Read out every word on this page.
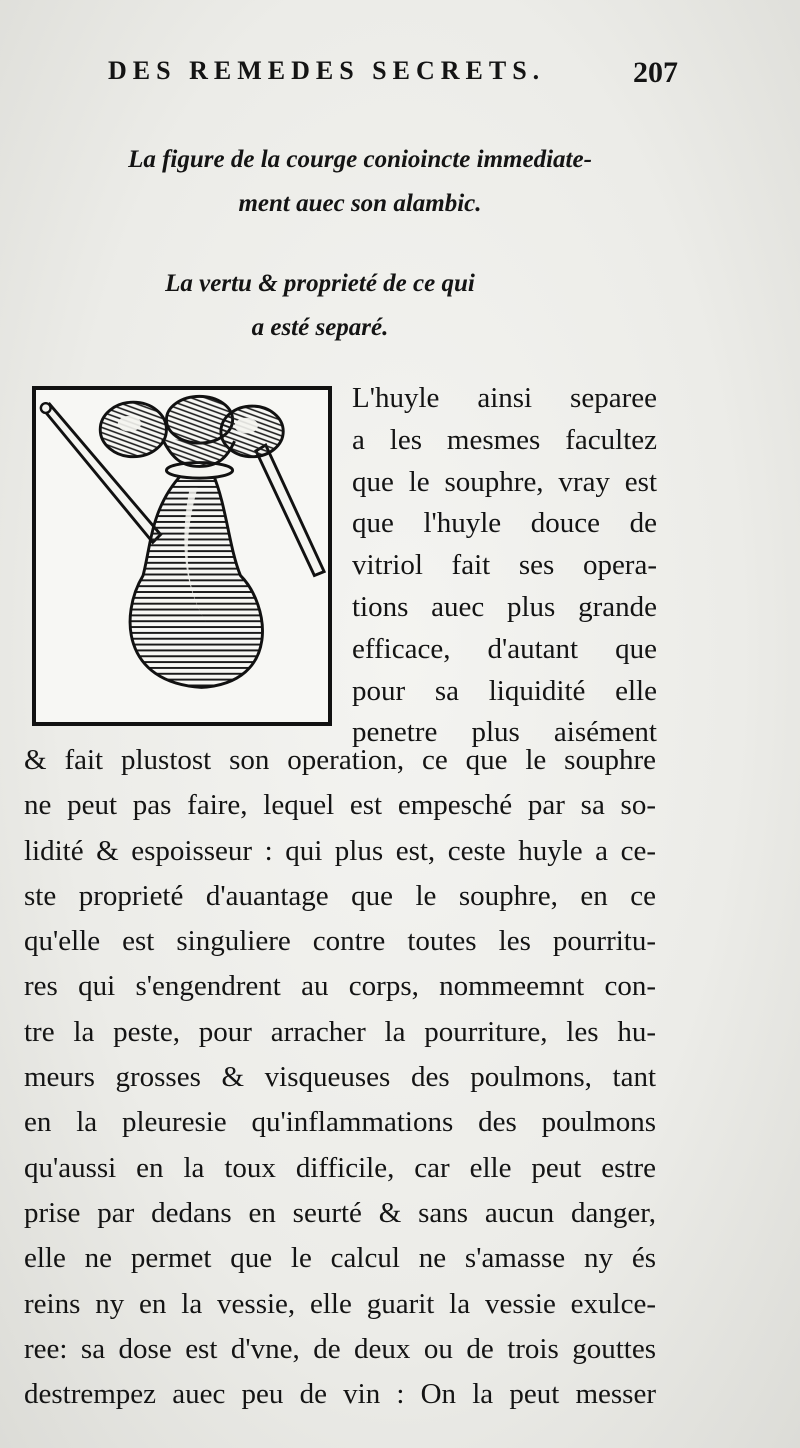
DES REMEDES SECRETS.	207
La figure de la courge conioincte immediate-
ment auec son alambic.
La vertu & proprieté de ce qui
a esté separé.
L'huyle ainsi separee
a les mesmes facultez
que le souphre, vray est
que l'huyle douce de
vitriol fait ses opera-
tions auec plus grande
efficace, d'autant que
pour sa liquidité elle
penetre plus aisément
& fait plustost son operation, ce que le souphre
ne peut pas faire, lequel est empesché par sa so-
lidité & espoisseur : qui plus est, ceste huyle a ce-
ste proprieté d'auantage que le souphre, en ce
qu'elle est singuliere contre toutes les pourritu-
res qui s'engendrent au corps, nommeemnt con-
tre la peste, pour arracher la pourriture, les hu-
meurs grosses & visqueuses des poulmons, tant
en la pleuresie qu'inflammations des poulmons
qu'aussi en la toux difficile, car elle peut estre
prise par dedans en seurté & sans aucun danger,
elle ne permet que le calcul ne s'amasse ny és
reins ny en la vessie, elle guarit la vessie exulce-
ree: sa dose est d'vne, de deux ou de trois gouttes
destrempez auec peu de vin : On la peut messer
